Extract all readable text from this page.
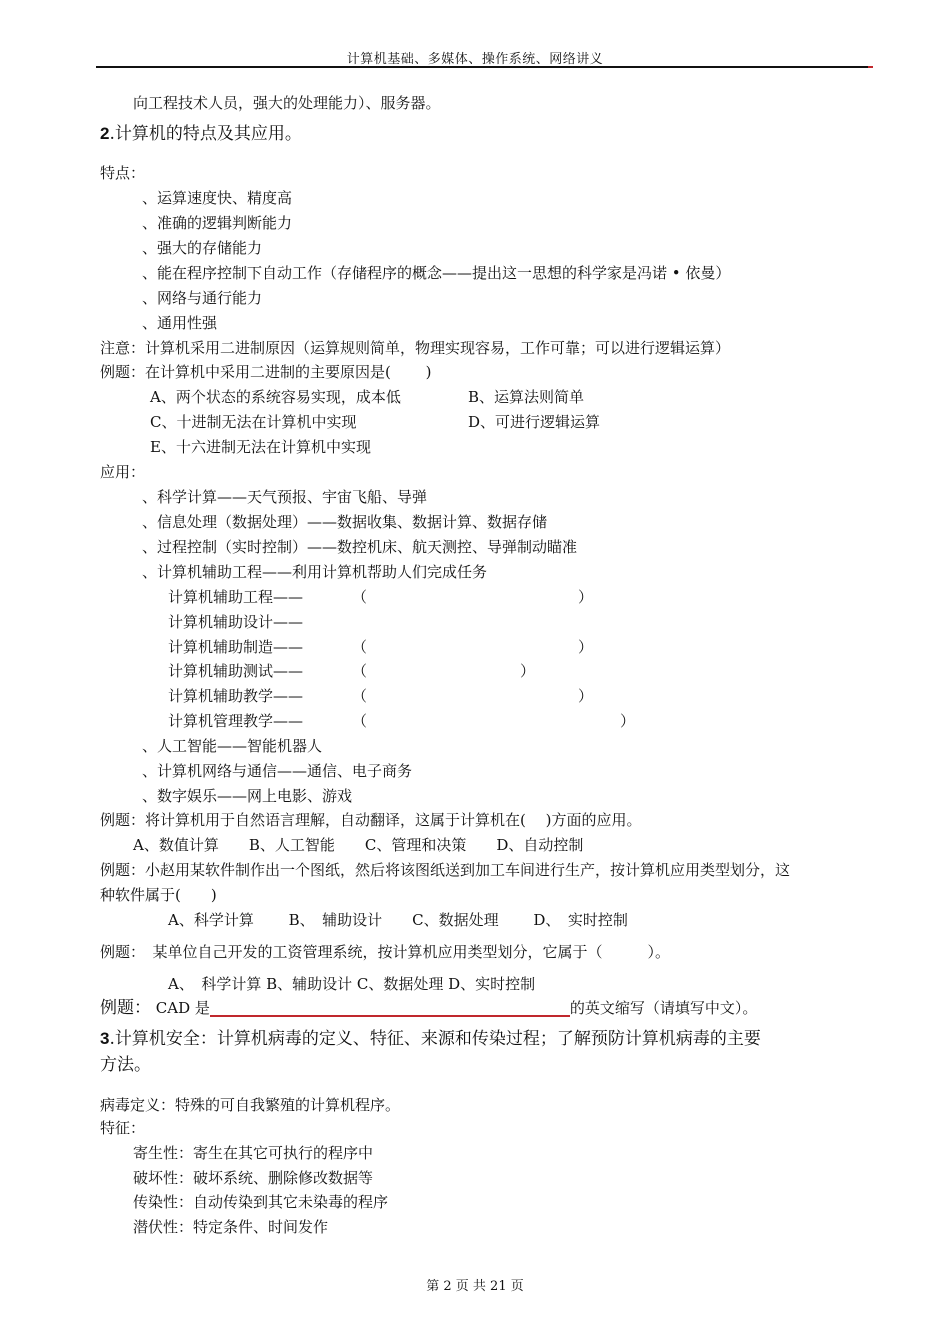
计算机基础、多媒体、操作系统、网络讲义
向工程技术人员，强大的处理能力）、服务器。
2.计算机的特点及其应用。
特点：
、运算速度快、精度高
、准确的逻辑判断能力
、强大的存储能力
、能在程序控制下自动工作（存储程序的概念——提出这一思想的科学家是冯诺 • 依曼）
、网络与通行能力
、通用性强
注意：计算机采用二进制原因（运算规则简单，物理实现容易，工作可靠；可以进行逻辑运算）
例题：在计算机中采用二进制的主要原因是(　　 )
A、两个状态的系统容易实现，成本低	B、运算法则简单
C、十进制无法在计算机中实现	D、可进行逻辑运算
E、十六进制无法在计算机中实现
应用：
、科学计算——天气预报、宇宙飞船、导弹
、信息处理（数据处理）——数据收集、数据计算、数据存储
、过程控制（实时控制）——数控机床、航天测控、导弹制动瞄准
、计算机辅助工程——利用计算机帮助人们完成任务
计算机辅助工程——	（	）
计算机辅助设计——
计算机辅助制造——	（	）
计算机辅助测试——	（	）
计算机辅助教学——	（	）
计算机管理教学——	（	）
、人工智能——智能机器人
、计算机网络与通信——通信、电子商务
、数字娱乐——网上电影、游戏
例题：将计算机用于自然语言理解，自动翻译，这属于计算机在(　 )方面的应用。
A、数值计算　　B、人工智能　　C、管理和决策　　D、自动控制
例题：小赵用某软件制作出一个图纸，然后将该图纸送到加工车间进行生产，按计算机应用类型划分，这
种软件属于(　　)
A、科学计算　　 B、　辅助设计　　C、数据处理　　 D、　实时控制
例题：　某单位自己开发的工资管理系统，按计算机应用类型划分，它属于（　　　）。
A、　科学计算 B、辅助设计 C、数据处理 D、实时控制
例题： CAD 是	的英文缩写（请填写中文）。
3.计算机安全：计算机病毒的定义、特征、来源和传染过程；了解预防计算机病毒的主要
方法。
病毒定义：特殊的可自我繁殖的计算机程序。
特征：
寄生性：寄生在其它可执行的程序中
破坏性：破坏系统、删除修改数据等
传染性：自动传染到其它未染毒的程序
潜伏性：特定条件、时间发作
第 2 页 共 21 页
